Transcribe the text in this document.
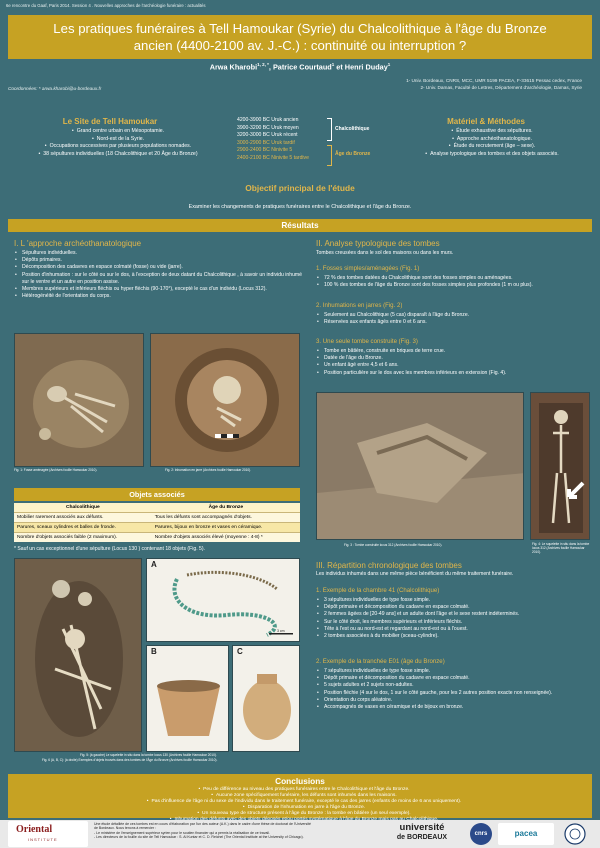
6e rencontre du Gaaf, Paris 2014. Session 4 . Nouvelles approches de l'archéologie funéraire : actualités
Les pratiques funéraires à Tell Hamoukar (Syrie) du Chalcolithique à l'âge du Bronze
ancien (4400-2100 av. J.-C.) : continuité ou interruption ?
Arwa Kharobi$^{1, 2, *}$, Patrice Courtaud$^1$ et Henri Duday$^1$
Coordonnées: * arwa.kharobi@u-bordeaux.fr
1- Univ. Bordeaux, CNRS, MCC, UMR 5199 PACEA, F-33615 Pessac cedex, France
2- Univ. Damas, Faculté de Lettres, Département d'archéologie, Damas, Syrie
Le Site de Tell Hamoukar
• Grand centre urbain en Mésopotamie.
• Nord-est de la Syrie.
• Occupations successives par plusieurs populations nomades.
• 38 sépultures individuelles (18 Chalcolithique et 20 Âge du Bronze)
4200-3900 BC Uruk ancien
3900-3200 BC Uruk moyen
3200-3000 BC Uruk récent
3000-2900 BC Uruk tardif
2900-2400 BC Ninivite 5
2400-2100 BC Ninivite 5 tardive
Chalcolithique
Âge du Bronze
Matériel & Méthodes
• Étude exhaustive des sépultures.
• Approche archéothanatologique.
• Étude du recrutement (âge – sexe).
• Analyse typologique des tombes et des objets associés.
Objectif principal de l'étude
Examiner les changements de pratiques funéraires entre le Chalcolithique et l'âge du Bronze.
Résultats
I. L 'approche archéothanatologique
• Sépultures individuelles.
• Dépôts primaires.
• Décomposition des cadavres en espace colmaté (fosse) ou vide (jarre).
• Position d'inhumation : sur le côté ou sur le dos, à l'exception de deux datant du Chalcolithique , à savoir un individu inhumé sur le ventre et un autre en position assise.
• Membres supérieurs et inférieurs fléchis ou hyper fléchis (90-170°), excepté le cas d'un individu (Locus 312).
• Hétérogénéité de l'orientation du corps.
Fig. 1: Fosse aménagée (Archives fouille Hamoukar 2010).	Fig. 2: Inhumation en jarre (Archives fouille Hamoukar 2010).
Objets associés
Chalcolithique	Âge du Bronze
Mobilier rarement associés aux défunts.	Tous les défunts sont accompagnés d'objets.
Parures, sceaux cylindres et balles de fronde.	Parures, bijoux en bronze et vases en céramique.
Nombre d'objets associés faible (2 maximum).	Nombre d'objets associés élevé (moyenne : 4-8) *
* Sauf un cas exceptionnel d'une sépulture (Locus 130 ) contenant 18 objets (Fig. 5).
A
3 cm
B	C
Fig. 5: (à gauche) Le squelette in situ dans la tombe locus 130 (Archives fouille Hamoukar 2010).
Fig. 6 (A, B, C): (à droite) Exemples d'objets trouvés dans des tombes de l'Âge du Bronze (Archives fouille Hamoukar 2010).
II. Analyse typologique des tombes
Tombes creusées dans le sol des maisons ou dans les murs.
1. Fosses simples/aménagées (Fig. 1)
• 72 % des tombes datées du Chalcolithique sont des fosses simples ou aménagées.
• 100 % des tombes de l'âge du Bronze sont des fosses simples plus profondes (1 m ou plus).
2. Inhumations en jarres (Fig. 2)
• Seulement au Chalcolithique (5 cas) disparaît à l'âge du Bronze.
• Réservées aux enfants âgés entre 0 et 6 ans.
3. Une seule tombe construite (Fig. 3)
• Tombe en bâtière, construite en briques de terre crue.
• Datée de l'âge du Bronze.
• Un enfant âgé entre 4,5 et 6 ans.
• Position particulière sur le dos avec les membres inférieurs en extension (Fig. 4).
Fig. 3 : Tombe construite locus 312 (Archives fouille Hamoukar 2010).	Fig. 4: Le squelette in situ dans la tombe locus 312 (Archives fouille Hamoukar 2010).
III. Répartition chronologique des tombes
Les individus inhumés dans une même pièce bénéficient du même traitement funéraire.
1. Exemple de la chambre 41 (Chalcolithique)
• 3 sépultures individuelles de type fosse simple.
• Dépôt primaire et décomposition du cadavre en espace colmaté.
• 2 femmes âgées de [20-49 ans] et un adulte dont l'âge et le sexe restent indéterminés.
• Sur le côté droit, les membres supérieurs et inférieurs fléchis.
• Tête à l'est ou au nord-est et regardant au nord-est ou à l'ouest.
• 2 tombes associées à du mobilier (sceau-cylindre).
2. Exemple de la tranchée E01 (âge du Bronze)
• 7 sépultures individuelles de type fosse simple.
• Dépôt primaire et décomposition du cadavre en espace colmaté.
• 5 sujets adultes et 2 sujets non-adultes.
• Position fléchie (4 sur le dos, 1 sur le côté gauche, pour les 2 autres position exacte non renseignée).
• Orientation du corps aléatoire.
• Accompagnés de vases en céramique et de bijoux en bronze.
Conclusions
• Peu de différence au niveau des pratiques funéraires entre le Chalcolithique et l'âge du Bronze.
• Aucune zone spécifiquement funéraire, les défunts sont inhumés dans les maisons.
• Pas d'influence de l'âge ni du sexe de l'individu dans le traitement funéraire, excepté le cas des jarres (enfants de moins de 6 ans uniquement).
• Disparation de l'inhumation en jarre à l'âge du Bronze.
• Un nouveau type de structure présent à l'âge du Bronze : la tombe en bâtière (un seul exemple).
•
Oriental
INSTITUTE
Une étude détaillée de ces tombes est en cours d'élaboration par l'un des auteur (A.K.) dans le cadre d'une thèse de doctorat de l'Université
de Bordeaux. Nous tenons à remercier :
- Le ministère de l'enseignement supérieur syrien pour le soutien financier qui a permis la réalisation de ce travail.
- Les directeurs de la fouille du site de Tell Hamoukar : S. Al Kuntar et C. D. Reichel (The Oriental Institute at the University of Chicago).
université
de BORDEAUX	cnrs	pacea
